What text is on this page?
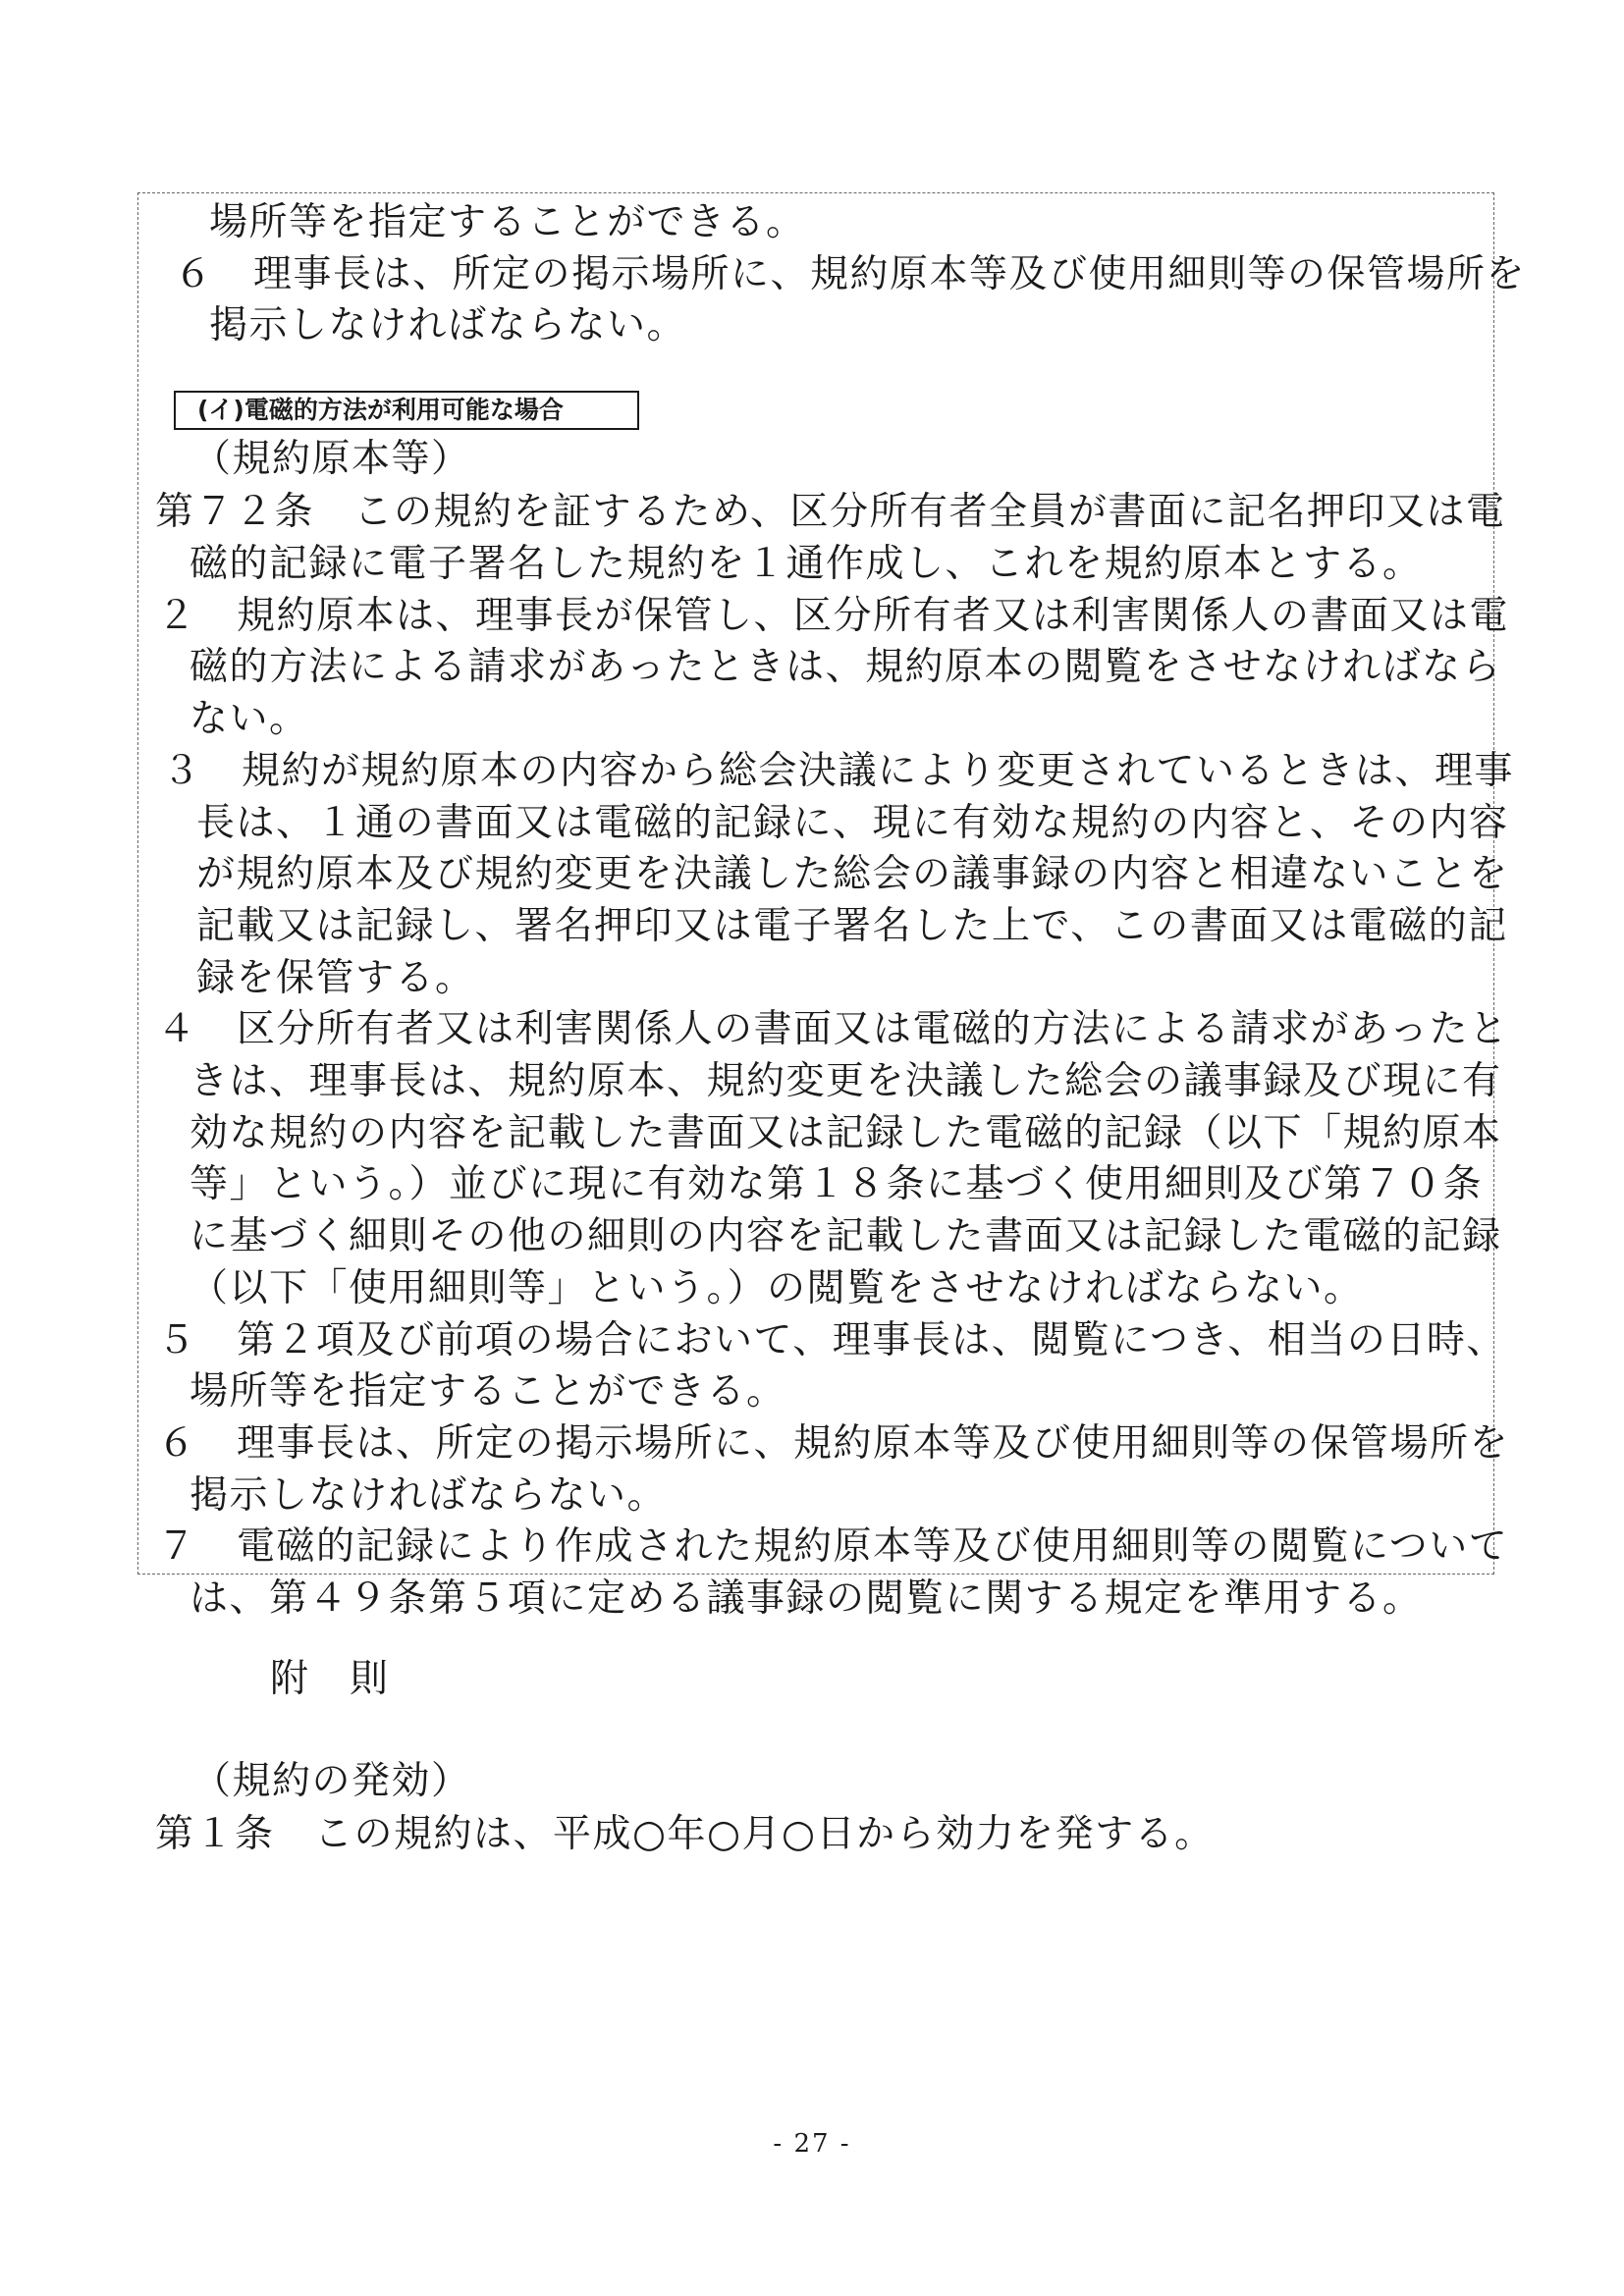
(イ)電磁的方法が利用可能な場合
場所等を指定することができる。
６　理事長は、所定の掲示場所に、規約原本等及び使用細則等の保管場所を
掲示しなければならない。
（規約原本等）
第７２条　この規約を証するため、区分所有者全員が書面に記名押印又は電
磁的記録に電子署名した規約を１通作成し、これを規約原本とする。
２　規約原本は、理事長が保管し、区分所有者又は利害関係人の書面又は電
磁的方法による請求があったときは、規約原本の閲覧をさせなければなら
ない。
３　規約が規約原本の内容から総会決議により変更されているときは、理事
長は、１通の書面又は電磁的記録に、現に有効な規約の内容と、その内容
が規約原本及び規約変更を決議した総会の議事録の内容と相違ないことを
記載又は記録し、署名押印又は電子署名した上で、この書面又は電磁的記
録を保管する。
４　区分所有者又は利害関係人の書面又は電磁的方法による請求があったと
きは、理事長は、規約原本、規約変更を決議した総会の議事録及び現に有
効な規約の内容を記載した書面又は記録した電磁的記録（以下「規約原本
等」という。）並びに現に有効な第１８条に基づく使用細則及び第７０条
に基づく細則その他の細則の内容を記載した書面又は記録した電磁的記録
（以下「使用細則等」という。）の閲覧をさせなければならない。
５　第２項及び前項の場合において、理事長は、閲覧につき、相当の日時、
場所等を指定することができる。
６　理事長は、所定の掲示場所に、規約原本等及び使用細則等の保管場所を
掲示しなければならない。
７　電磁的記録により作成された規約原本等及び使用細則等の閲覧について
は、第４９条第５項に定める議事録の閲覧に関する規定を準用する。
附　則
（規約の発効）
第１条　この規約は、平成○年○月○日から効力を発する。
- 27 -
